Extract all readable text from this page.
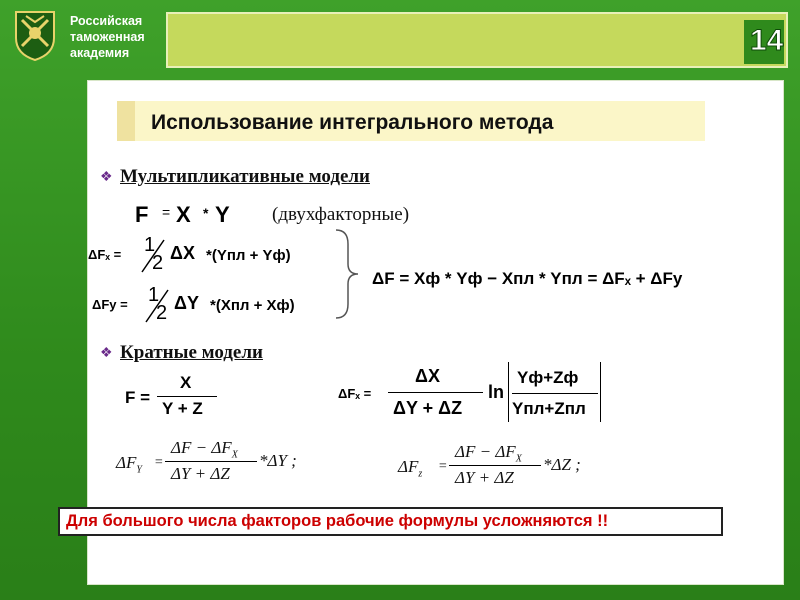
Российская
таможенная
академия	14
Использование интегрального метода
❖ Мультипликативные модели
F = X * Y (двухфакторные)
ΔFₓ = 1
2 ΔX *(Yпл + Yф)
ΔFу = 1
2 ΔY *(Xпл + Xф)
ΔF = Xф * Yф − Xпл * Yпл = ΔFₓ + ΔFу
❖ Кратные модели
F =
X
Y + Z
ΔFₓ =
ΔX
ΔY + ΔZ
ln
Yф+Zф
Yпл+Zпл
$\Delta F_Y$ =
$\Delta F - \Delta F_X$
ΔY + ΔZ
*ΔY ;	$\Delta F_z$ =
$\Delta F - \Delta F_X$
ΔY + ΔZ
*ΔZ ;
Для большого числа факторов рабочие формулы усложняются !!
